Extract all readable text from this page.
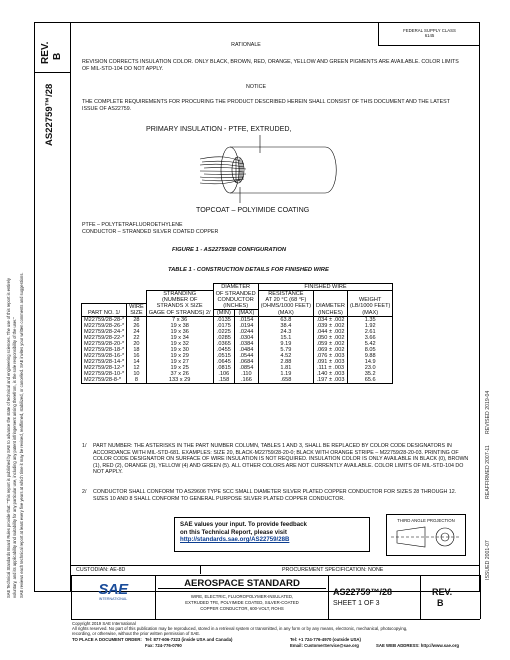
SAE Technical Standards Board Rules provide that: "This report is published by SAE to advance the state of technical and engineering sciences. The use of this report is entirely voluntary, and its applicability and suitability for any particular use, including any patent infringement arising therefrom, is the sole responsibility of the user." SAE reviews each technical report at least every five years at which time it may be revised, reaffirmed, stabilized, or cancelled. SAE invites your written comments and suggestions.
REV. B
AS22759™/28
ISSUED 2001-07
REAFFIRMED 2007-11
REVISED 2019-04
FEDERAL SUPPLY CLASS
6145
RATIONALE
REVISION CORRECTS INSULATION COLOR. ONLY BLACK, BROWN, RED, ORANGE, YELLOW AND GREEN PIGMENTS ARE AVAILABLE. COLOR LIMITS OF MIL-STD-104 DO NOT APPLY.
NOTICE
THE COMPLETE REQUIREMENTS FOR PROCURING THE PRODUCT DESCRIBED HEREIN SHALL CONSIST OF THIS DOCUMENT AND THE LATEST ISSUE OF AS22759.
PRIMARY INSULATION - PTFE, EXTRUDED,
TOPCOAT – POLYIMIDE COATING
PTFE – POLYTETRAFLUOROETHYLENE
CONDUCTOR – STRANDED SILVER COATED COPPER
FIGURE 1 - AS22759/28 CONFIGURATION
TABLE 1 - CONSTRUCTION DETAILS FOR FINISHED WIRE
			DIAMETER		FINISHED WIRE		
		STRANDING	OF STRANDED		RESISTANCE		
		(NUMBER OF	CONDUCTOR		AT 20 °C (68 °F)		WEIGHT
	WIRE	STRANDS X SIZE	(INCHES)		(OHMS/1000 FEET)	DIAMETER	(LB/1000 FEET)
PART NO. 1/	SIZE	GAGE OF STRANDS) 2/	(MIN)	(MAX)	(MAX)	(INCHES)	(MAX)
M22759/28-28-*	28	7 x 36	.0135	.0154	63.8	.034 ± .002	1.35
M22759/28-26-*	26	19 x 38	.0175	.0194	38.4	.039 ± .002	1.92
M22759/28-24-*	24	19 x 36	.0225	.0244	24.3	.044 ± .002	2.61
M22759/28-22-*	22	19 x 34	.0285	.0304	15.1	.050 ± .002	3.66
M22759/28-20-*	20	19 x 32	.0365	.0384	9.19	.059 ± .002	5.42
M22759/28-18-*	18	19 x 30	.0455	.0484	5.79	.069 ± .002	8.05
M22759/28-16-*	16	19 x 29	.0515	.0544	4.52	.076 ± .003	9.88
M22759/28-14-*	14	19 x 27	.0645	.0684	2.88	.091 ± .003	14.9
M22759/28-12-*	12	19 x 25	.0815	.0854	1.81	.111 ± .003	23.0
M22759/28-10-*	10	37 x 26	.106	.110	1.19	.140 ± .003	35.2
M22759/28-8-*	8	133 x 29	.158	.166	.658	.197 ± .003	65.6
1/ PART NUMBER: THE ASTERISKS IN THE PART NUMBER COLUMN, TABLES 1 AND 3, SHALL BE REPLACED BY COLOR CODE DESIGNATORS IN ACCORDANCE WITH MIL-STD-681. EXAMPLES: SIZE 20, BLACK-M22759/28-20-0; BLACK WITH ORANGE STRIPE – M22759/28-20-03. PRINTING OF COLOR CODE DESIGNATOR ON SURFACE OF WIRE INSULATION IS NOT REQUIRED. INSULATION COLOR IS ONLY AVAILABLE IN BLACK (0), BROWN (1), RED (2), ORANGE (3), YELLOW (4) AND GREEN (5). ALL OTHER COLORS ARE NOT CURRENTLY AVAILABLE. COLOR LIMITS OF MIL-STD-104 DO NOT APPLY.
2/ CONDUCTOR SHALL CONFORM TO AS29606 TYPE SCC SMALL DIAMETER SILVER PLATED COPPER CONDUCTOR FOR SIZES 28 THROUGH 12. SIZES 10 AND 8 SHALL CONFORM TO GENERAL PURPOSE SILVER PLATED COPPER CONDUCTOR.
SAE values your input. To provide feedback
on this Technical Report, please visit
http://standards.sae.org/AS22759/28B
THIRD ANGLE PROJECTION
CUSTODIAN: AE-8D	PROCUREMENT SPECIFICATION: NONE
SAE
INTERNATIONAL
AEROSPACE STANDARD
WIRE, ELECTRIC, FLUOROPOLYMER-INSULATED,
EXTRUDED TFE, POLYIMIDE COATED, SILVER-COATED
COPPER CONDUCTOR, 600-VOLT, ROHS
AS22759™/28
SHEET 1 OF 3
REV.
B
Copyright 2019 SAE International
All rights reserved. No part of this publication may be reproduced, stored in a retrieval system or transmitted, in any form or by any means, electronic, mechanical, photocopying,
recording, or otherwise, without the prior written permission of SAE.
TO PLACE A DOCUMENT ORDER: Tel: 877-606-7323 (inside USA and Canada)	Tel: +1 724-776-4970 (outside USA)
Fax: 724-776-0790	Email: CustomerService@sae.org	SAE WEB ADDRESS: http://www.sae.org
